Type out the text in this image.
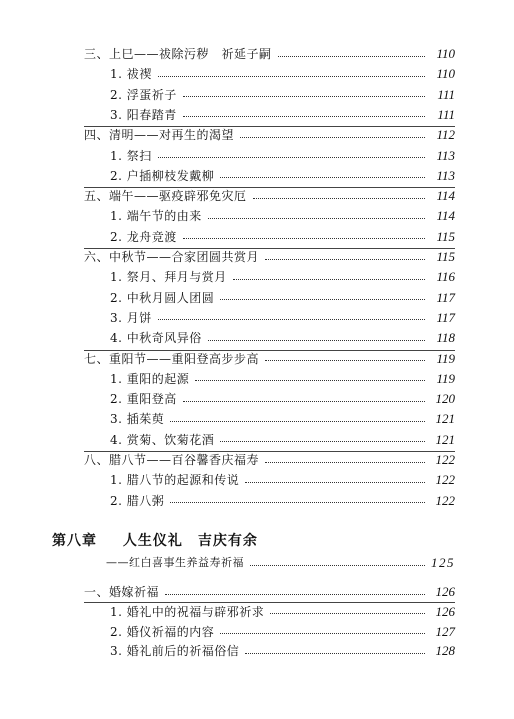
第八章 人生仪礼　吉庆有余
——红白喜事生养益寿祈福	125
三、上巳——祓除污秽　祈延子嗣	110
1. 祓禊	110
2. 浮蛋祈子	111
3. 阳春踏青	111
四、清明——对再生的渴望	112
1. 祭扫	113
2. 户插柳枝发戴柳	113
五、端午——驱疫辟邪免灾厄	114
1. 端午节的由来	114
2. 龙舟竞渡	115
六、中秋节——合家团圆共赏月	115
1. 祭月、拜月与赏月	116
2. 中秋月圆人团圆	117
3. 月饼	117
4. 中秋奇风异俗	118
七、重阳节——重阳登高步步高	119
1. 重阳的起源	119
2. 重阳登高	120
3. 插茱萸	121
4. 赏菊、饮菊花酒	121
八、腊八节——百谷馨香庆福寿	122
1. 腊八节的起源和传说	122
2. 腊八粥	122
一、婚嫁祈福	126
1. 婚礼中的祝福与辟邪祈求	126
2. 婚仪祈福的内容	127
3. 婚礼前后的祈福俗信	128
